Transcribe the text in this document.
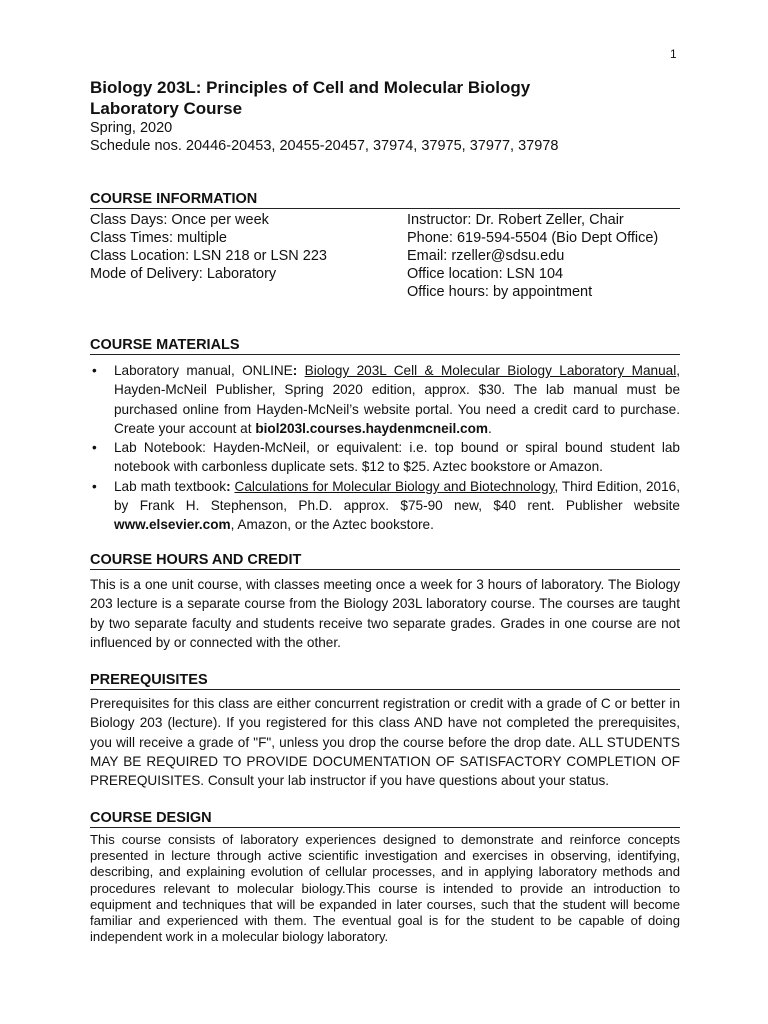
1
Biology 203L: Principles of Cell and Molecular Biology
Laboratory Course
Spring, 2020
Schedule nos. 20446-20453, 20455-20457, 37974, 37975, 37977, 37978
COURSE INFORMATION
Class Days: Once per week
Class Times: multiple
Class Location: LSN 218 or LSN 223
Mode of Delivery: Laboratory
Instructor: Dr. Robert Zeller, Chair
Phone: 619-594-5504 (Bio Dept Office)
Email: rzeller@sdsu.edu
Office location: LSN 104
Office hours: by appointment
COURSE MATERIALS
• Laboratory manual, ONLINE: Biology 203L Cell & Molecular Biology Laboratory Manual, Hayden-McNeil Publisher, Spring 2020 edition, approx. $30. The lab manual must be purchased online from Hayden-McNeil’s website portal. You need a credit card to purchase. Create your account at biol203l.courses.haydenmcneil.com.
• Lab Notebook: Hayden-McNeil, or equivalent: i.e. top bound or spiral bound student lab notebook with carbonless duplicate sets. $12 to $25. Aztec bookstore or Amazon.
• Lab math textbook: Calculations for Molecular Biology and Biotechnology, Third Edition, 2016, by Frank H. Stephenson, Ph.D. approx. $75-90 new, $40 rent. Publisher website www.elsevier.com, Amazon, or the Aztec bookstore.
COURSE HOURS AND CREDIT
This is a one unit course, with classes meeting once a week for 3 hours of laboratory. The Biology 203 lecture is a separate course from the Biology 203L laboratory course. The courses are taught by two separate faculty and students receive two separate grades. Grades in one course are not influenced by or connected with the other.
PREREQUISITES
Prerequisites for this class are either concurrent registration or credit with a grade of C or better in Biology 203 (lecture). If you registered for this class AND have not completed the prerequisites, you will receive a grade of "F", unless you drop the course before the drop date. ALL STUDENTS MAY BE REQUIRED TO PROVIDE DOCUMENTATION OF SATISFACTORY COMPLETION OF PREREQUISITES. Consult your lab instructor if you have questions about your status.
COURSE DESIGN
This course consists of laboratory experiences designed to demonstrate and reinforce concepts presented in lecture through active scientific investigation and exercises in observing, identifying, describing, and explaining evolution of cellular processes, and in applying laboratory methods and procedures relevant to molecular biology.This course is intended to provide an introduction to equipment and techniques that will be expanded in later courses, such that the student will become familiar and experienced with them. The eventual goal is for the student to be capable of doing independent work in a molecular biology laboratory.
